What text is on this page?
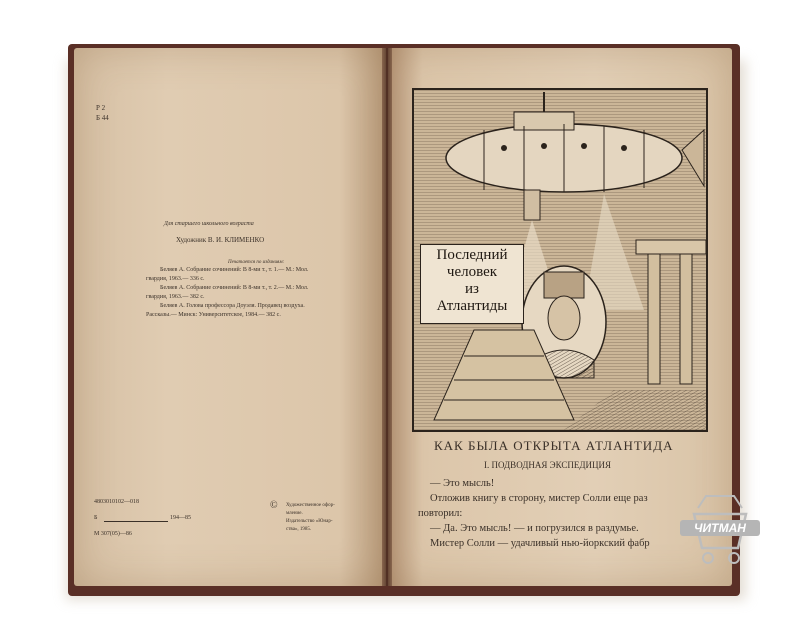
Р 2
Б 44
Для старшего школьного возраста
Художник В. И. КЛИМЕНКО
Печатается по изданиям:
Беляев А. Собрание сочинений: В 8-ми т., т. 1.— М.: Мол.
гвардия, 1963.— 336 с.
Беляев А. Собрание сочинений: В 8-ми т., т. 2.— М.: Мол.
гвардия, 1963.— 382 с.
Беляев А. Голова профессора Доуэля. Продавец воздуха.
Рассказы.— Минск: Университетское, 1984.— 382 с.
4803010102—018
Б	194—85
М 307(05)—86
© Художественное офор-
мление.
Издательство «Юнар-
ства», 1985.
Последний
человек
из
Атлантиды
КАК БЫЛА ОТКРЫТА АТЛАНТИДА
I. ПОДВОДНАЯ ЭКСПЕДИЦИЯ
— Это мысль!
Отложив книгу в сторону, мистер Солли еще раз
повторил:
— Да. Это мысль! — и погрузился в раздумье.
Мистер Солли — удачливый нью-йоркский фабр
ЧИТМАН
